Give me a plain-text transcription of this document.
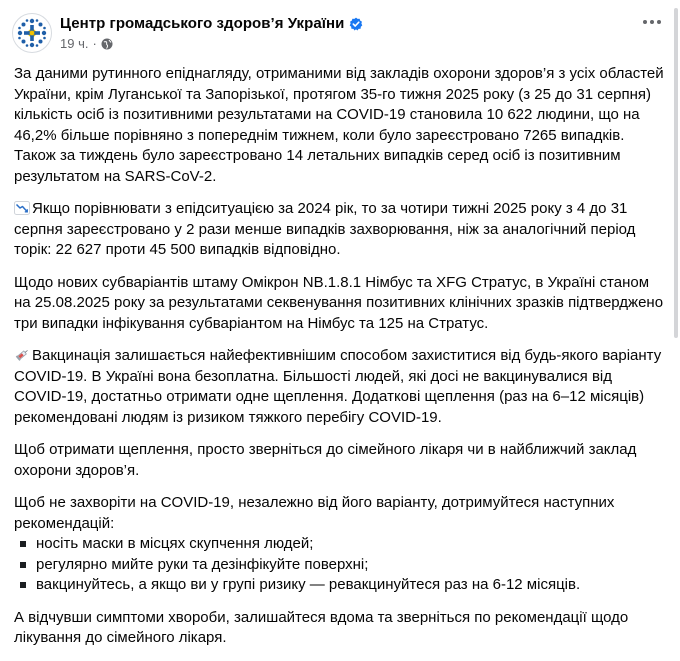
Центр громадського здоров’я України
19 ч. ·

За даними рутинного епіднагляду, отриманими від закладів охорони здоров’я з усіх областей України, крім Луганської та Запорізької, протягом 35-го тижня 2025 року (з 25 до 31 серпня) кількість осіб із позитивними результатами на COVID-19 становила 10 622 людини, що на 46,2% більше порівняно з попереднім тижнем, коли було зареєстровано 7265 випадків. Також за тиждень було зареєстровано 14 летальних випадків серед осіб із позитивним результатом на SARS-CoV-2.

Якщо порівнювати з епідситуацією за 2024 рік, то за чотири тижні 2025 року з 4 до 31 серпня зареєстровано у 2 рази менше випадків захворювання, ніж за аналогічний період торік: 22 627 проти 45 500 випадків відповідно.

Щодо нових субваріантів штаму Омікрон NB.1.8.1 Німбус та XFG Стратус, в Україні станом на 25.08.2025 року за результатами секвенування позитивних клінічних зразків підтверджено три випадки інфікування субваріантом на Німбус та 125 на Стратус.

Вакцинація залишається найефективнішим способом захиститися від будь-якого варіанту COVID-19. В Україні вона безоплатна. Більшості людей, які досі не вакцинувалися від COVID-19, достатньо отримати одне щеплення. Додаткові щеплення (раз на 6–12 місяців) рекомендовані людям із ризиком тяжкого перебігу COVID-19.

Щоб отримати щеплення, просто зверніться до сімейного лікаря чи в найближчий заклад охорони здоров’я.

Щоб не захворіти на COVID-19, незалежно від його варіанту, дотримуйтеся наступних рекомендацій:

носіть маски в місцях скупчення людей;
регулярно мийте руки та дезінфікуйте поверхні;
вакцинуйтесь, а якщо ви у групі ризику — ревакцинуйтеся раз на 6-12 місяців.

А відчувши симптоми хвороби, залишайтеся вдома та зверніться по рекомендації щодо лікування до сімейного лікаря.
